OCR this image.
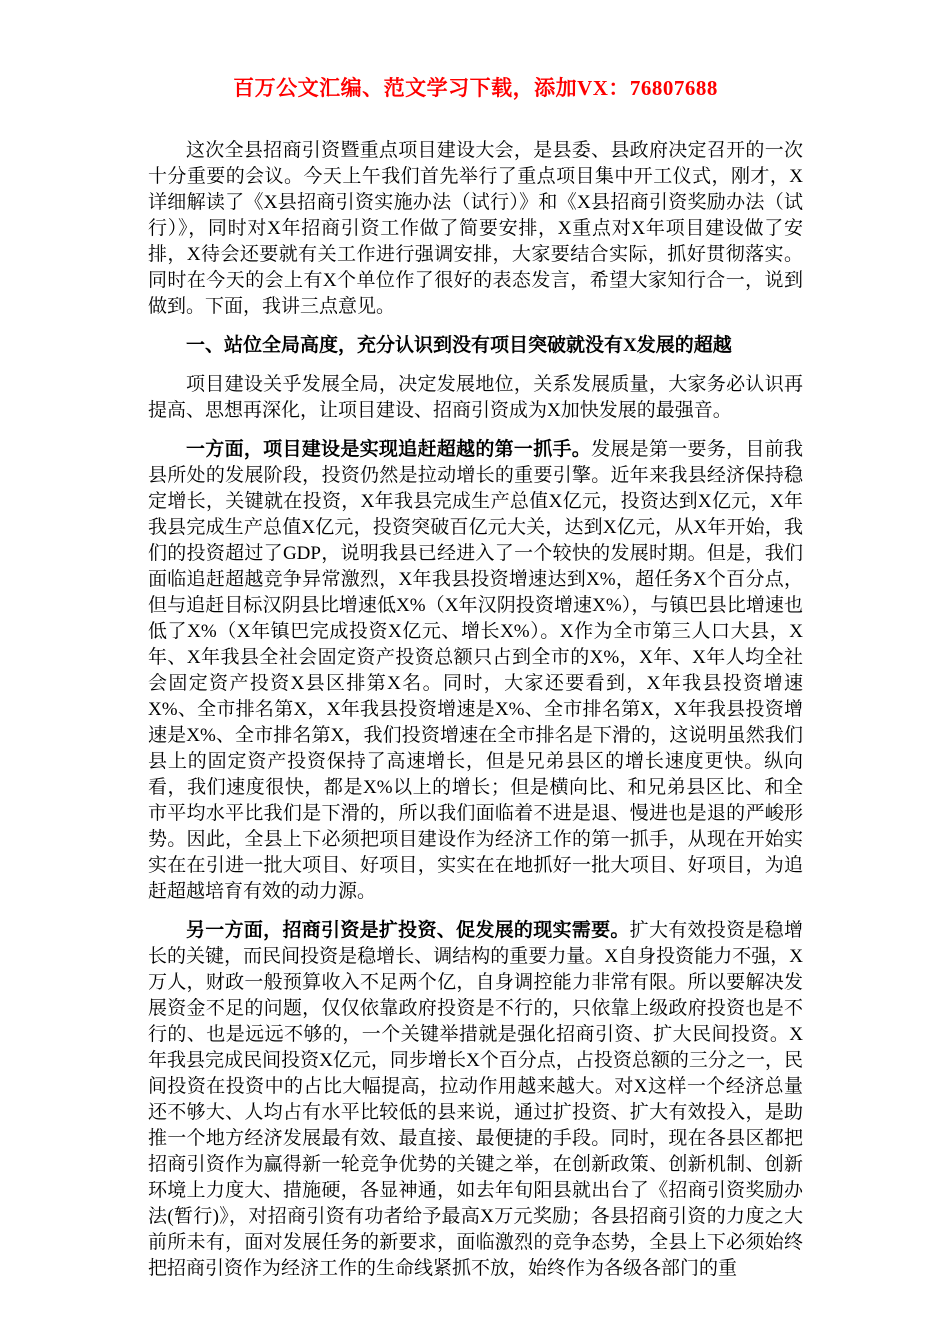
百万公文汇编、范文学习下载，添加VX：76807688

这次全县招商引资暨重点项目建设大会，是县委、县政府决定召开的一次十分重要的会议。今天上午我们首先举行了重点项目集中开工仪式，刚才，X详细解读了《X县招商引资实施办法（试行）》和《X县招商引资奖励办法（试行）》，同时对X年招商引资工作做了简要安排，X重点对X年项目建设做了安排，X待会还要就有关工作进行强调安排，大家要结合实际，抓好贯彻落实。同时在今天的会上有X个单位作了很好的表态发言，希望大家知行合一，说到做到。下面，我讲三点意见。

一、站位全局高度，充分认识到没有项目突破就没有X发展的超越

项目建设关乎发展全局，决定发展地位，关系发展质量，大家务必认识再提高、思想再深化，让项目建设、招商引资成为X加快发展的最强音。

一方面，项目建设是实现追赶超越的第一抓手。发展是第一要务，目前我县所处的发展阶段，投资仍然是拉动增长的重要引擎。近年来我县经济保持稳定增长，关键就在投资，X年我县完成生产总值X亿元，投资达到X亿元，X年我县完成生产总值X亿元，投资突破百亿元大关，达到X亿元，从X年开始，我们的投资超过了GDP，说明我县已经进入了一个较快的发展时期。但是，我们面临追赶超越竞争异常激烈，X年我县投资增速达到X%，超任务X个百分点，但与追赶目标汉阴县比增速低X%（X年汉阴投资增速X%），与镇巴县比增速也低了X%（X年镇巴完成投资X亿元、增长X%）。X作为全市第三人口大县，X年、X年我县全社会固定资产投资总额只占到全市的X%，X年、X年人均全社会固定资产投资X县区排第X名。同时，大家还要看到，X年我县投资增速X%、全市排名第X，X年我县投资增速是X%、全市排名第X，X年我县投资增速是X%、全市排名第X，我们投资增速在全市排名是下滑的，这说明虽然我们县上的固定资产投资保持了高速增长，但是兄弟县区的增长速度更快。纵向看，我们速度很快，都是X%以上的增长；但是横向比、和兄弟县区比、和全市平均水平比我们是下滑的，所以我们面临着不进是退、慢进也是退的严峻形势。因此，全县上下必须把项目建设作为经济工作的第一抓手，从现在开始实实在在引进一批大项目、好项目，实实在在地抓好一批大项目、好项目，为追赶超越培育有效的动力源。

另一方面，招商引资是扩投资、促发展的现实需要。扩大有效投资是稳增长的关键，而民间投资是稳增长、调结构的重要力量。X自身投资能力不强，X万人，财政一般预算收入不足两个亿，自身调控能力非常有限。所以要解决发展资金不足的问题，仅仅依靠政府投资是不行的，只依靠上级政府投资也是不行的、也是远远不够的，一个关键举措就是强化招商引资、扩大民间投资。X年我县完成民间投资X亿元，同步增长X个百分点，占投资总额的三分之一，民间投资在投资中的占比大幅提高，拉动作用越来越大。对X这样一个经济总量还不够大、人均占有水平比较低的县来说，通过扩投资、扩大有效投入，是助推一个地方经济发展最有效、最直接、最便捷的手段。同时，现在各县区都把招商引资作为赢得新一轮竞争优势的关键之举，在创新政策、创新机制、创新环境上力度大、措施硬，各显神通，如去年旬阳县就出台了《招商引资奖励办法(暂行)》，对招商引资有功者给予最高X万元奖励；各县招商引资的力度之大前所未有，面对发展任务的新要求，面临激烈的竞争态势，全县上下必须始终把招商引资作为经济工作的生命线紧抓不放，始终作为各级各部门的重
